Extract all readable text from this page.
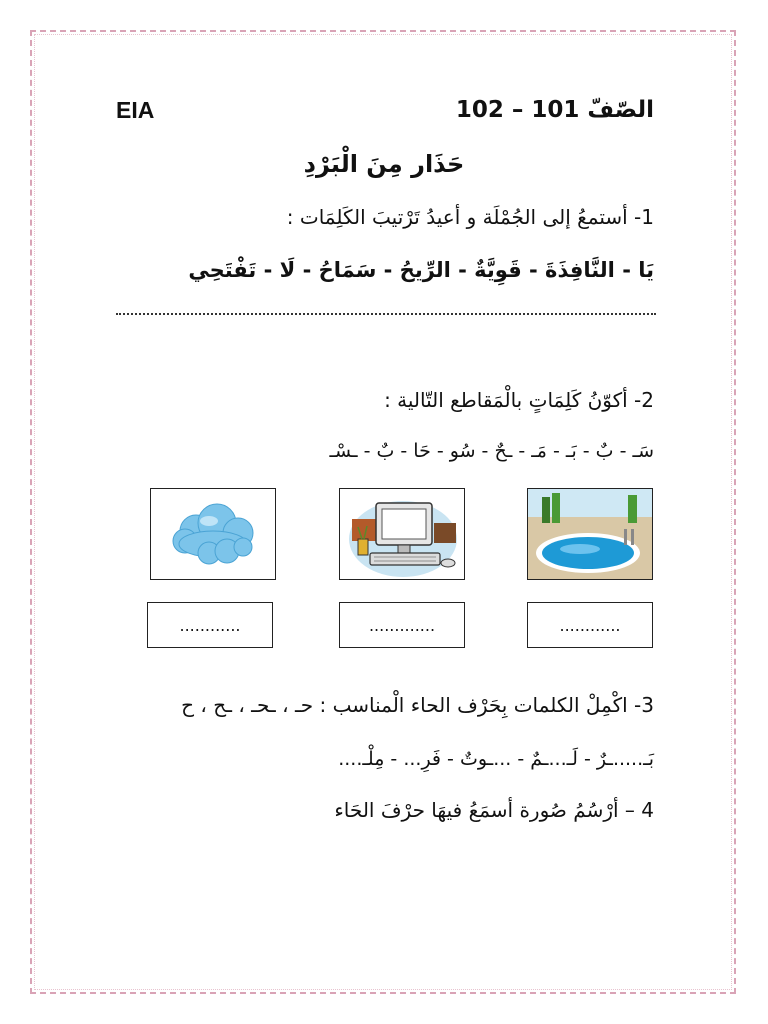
الصّفّ 101 – 102
EIA
حَذَار مِنَ الْبَرْدِ
1- أستمعُ إلى الجُمْلَة و أعيدُ تَرْتيبَ الكَلِمَات :
يَا - النَّافِذَةَ - قَوِيَّةٌ - الرِّيحُ - سَمَاحُ - لَا - تَفْتَحِي
2- أكوّنُ كَلِمَاتٍ بالْمَقاطع التّالية :
سَـ - بٌ - بَـ - مَـ - ـحٌ - سُو - حَا - بٌ - ـسْـ
............	.............	...........‌.
3- اكْمِلْ الكلمات بِحَرْف الحاء الْمناسب : حـ ، ـحـ ، ـح ، ح
بَـ.....ـرٌ - لَـ...ـمٌ - ...ـوتٌ - فَرِ... - مِلْـ....
4 – أرْسُمُ صُورة أسمَعُ فيهَا حرْفَ الحَاء
